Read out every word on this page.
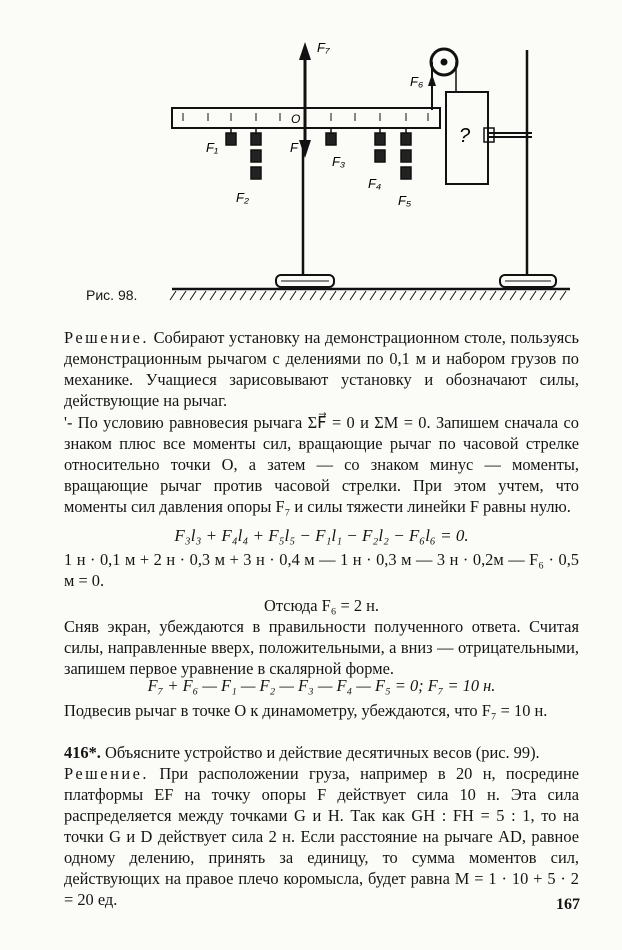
O
F₇
F
F₆
?
F₁
F₂
F₃
F₄
F₅
Рис. 98.

Решение. Собирают установку на демонстрационном столе, пользуясь демонстрационным рычагом с делениями по 0,1 м и набором грузов по механике. Учащиеся зарисовывают установку и обозначают силы, действующие на рычаг.

'- По условию равновесия рычага ΣF⃗ = 0 и ΣM = 0. Запишем сначала со знаком плюс все моменты сил, вращающие рычаг по часовой стрелке относительно точки O, а затем — со знаком минус — моменты, вращающие рычаг против часовой стрелки. При этом учтем, что моменты сил давления опоры F₇ и силы тяжести линейки F равны нулю.

F₃l₃ + F₄l₄ + F₅l₅ − F₁l₁ − F₂l₂ − F₆l₆ = 0.

1 н · 0,1 м + 2 н · 0,3 м + 3 н · 0,4 м — 1 н · 0,3 м — 3 н · 0,2м — F₆ · 0,5 м = 0.

Отсюда F₆ = 2 н.

Сняв экран, убеждаются в правильности полученного ответа. Считая силы, направленные вверх, положительными, а вниз — отрицательными, запишем первое уравнение в скалярной форме.

F₇ + F₆ — F₁ — F₂ — F₃ — F₄ — F₅ = 0; F₇ = 10 н.

Подвесив рычаг в точке O к динамометру, убеждаются, что F₇ = 10 н.

416*. Объясните устройство и действие десятичных весов (рис. 99).

Решение. При расположении груза, например в 20 н, посредине платформы EF на точку опоры F действует сила 10 н. Эта сила распределяется между точками G и H. Так как GH : FH = 5 : 1, то на точки G и D действует сила 2 н. Если расстояние на рычаге AD, равное одному делению, принять за единицу, то сумма моментов сил, действующих на правое плечо коромысла, будет равна M = 1 · 10 + 5 · 2 = 20 ед.	167
